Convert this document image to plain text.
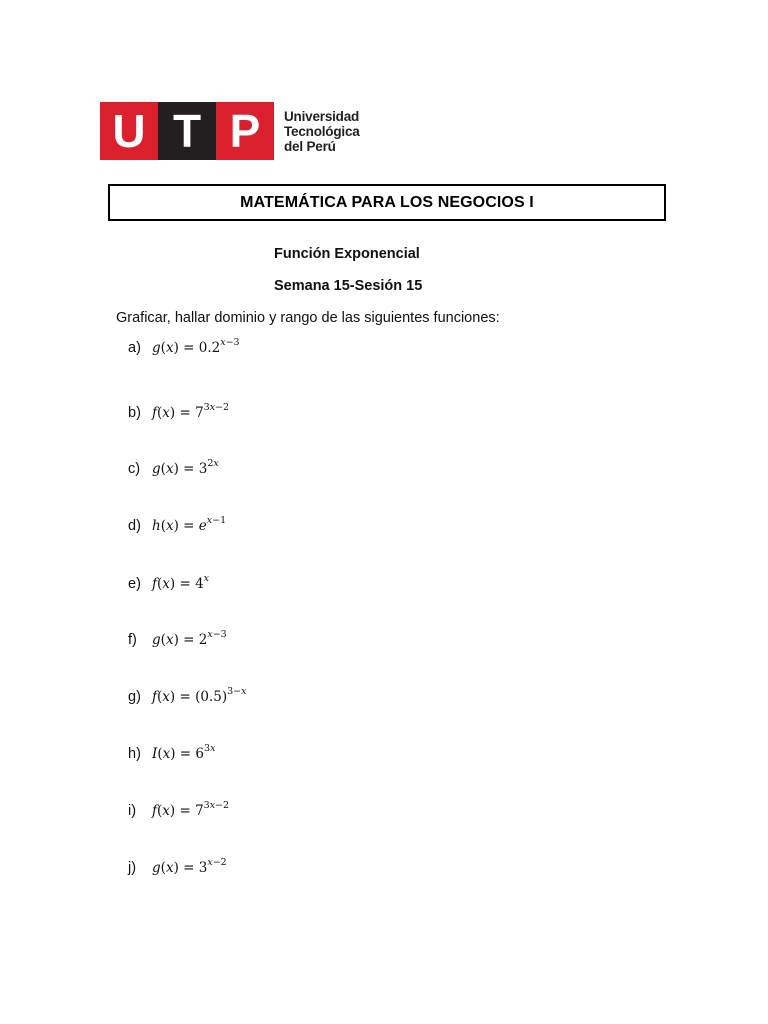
U T P	Universidad
Tecnológica
del Perú
MATEMÁTICA PARA LOS NEGOCIOS I
Función Exponencial
Semana 15-Sesión 15
Graficar, hallar dominio y rango de las siguientes funciones:
a) $g(x) = 0.2^{x-3}$
b) $f(x) = 7^{3x-2}$
c) $g(x) = 3^{2x}$
d) $h(x) = e^{x-1}$
e) $f(x) = 4^x$
f)	$g(x) = 2^{x-3}$
g) $f(x) = (0.5)^{3-x}$
h) $I(x) = 6^{3x}$
i)	$f(x) = 7^{3x-2}$
j)	$g(x) = 3^{x-2}$
